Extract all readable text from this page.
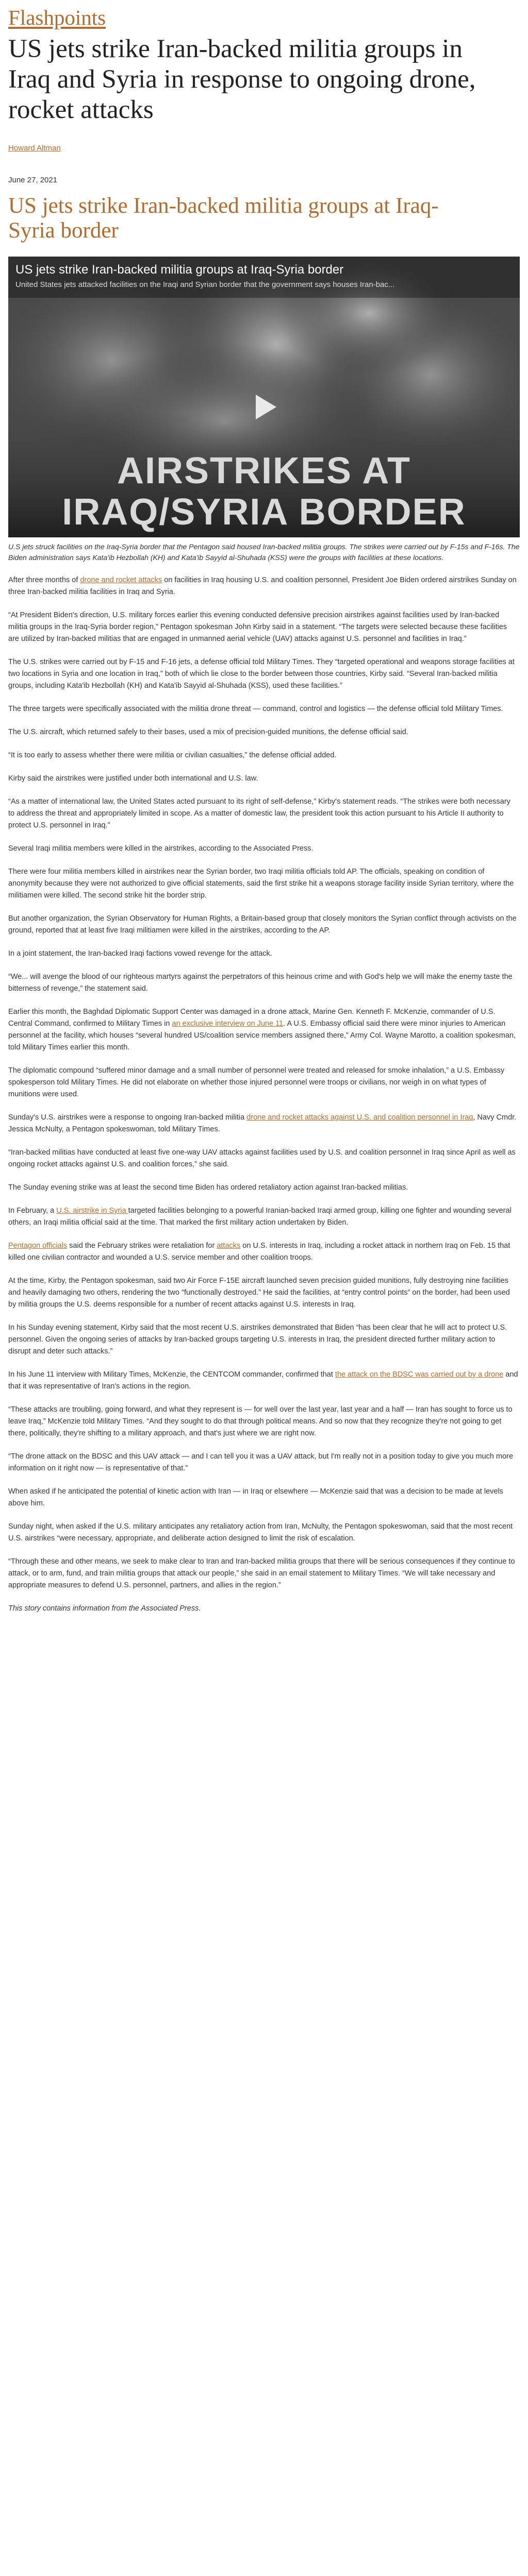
Flashpoints
US jets strike Iran-backed militia groups in Iraq and Syria in response to ongoing drone, rocket attacks
Howard Altman
June 27, 2021
US jets strike Iran-backed militia groups at Iraq-Syria border
US jets strike Iran-backed militia groups at Iraq-Syria border
United States jets attacked facilities on the Iraqi and Syrian border that the government says houses Iran-bac...
AIRSTRIKES AT
IRAQ/SYRIA BORDER

U.S jets struck facilities on the Iraq-Syria border that the Pentagon said housed Iran-backed militia groups. The strikes were carried out by F-15s and F-16s. The Biden administration says Kata'ib Hezbollah (KH) and Kata'ib Sayyid al-Shuhada (KSS) were the groups with facilities at these locations.

After three months of drone and rocket attacks on facilities in Iraq housing U.S. and coalition personnel, President Joe Biden ordered airstrikes Sunday on three Iran-backed militia facilities in Iraq and Syria.

“At President Biden's direction, U.S. military forces earlier this evening conducted defensive precision airstrikes against facilities used by Iran-backed militia groups in the Iraq-Syria border region,” Pentagon spokesman John Kirby said in a statement. “The targets were selected because these facilities are utilized by Iran-backed militias that are engaged in unmanned aerial vehicle (UAV) attacks against U.S. personnel and facilities in Iraq.”

The U.S. strikes were carried out by F-15 and F-16 jets, a defense official told Military Times. They “targeted operational and weapons storage facilities at two locations in Syria and one location in Iraq,” both of which lie close to the border between those countries, Kirby said. “Several Iran-backed militia groups, including Kata'ib Hezbollah (KH) and Kata'ib Sayyid al-Shuhada (KSS), used these facilities.”

The three targets were specifically associated with the militia drone threat — command, control and logistics — the defense official told Military Times.

The U.S. aircraft, which returned safely to their bases, used a mix of precision-guided munitions, the defense official said.

“It is too early to assess whether there were militia or civilian casualties,” the defense official added.

Kirby said the airstrikes were justified under both international and U.S. law.

“As a matter of international law, the United States acted pursuant to its right of self-defense,” Kirby's statement reads. “The strikes were both necessary to address the threat and appropriately limited in scope. As a matter of domestic law, the president took this action pursuant to his Article II authority to protect U.S. personnel in Iraq.”

Several Iraqi militia members were killed in the airstrikes, according to the Associated Press.

There were four militia members killed in airstrikes near the Syrian border, two Iraqi militia officials told AP. The officials, speaking on condition of anonymity because they were not authorized to give official statements, said the first strike hit a weapons storage facility inside Syrian territory, where the militiamen were killed. The second strike hit the border strip.

But another organization, the Syrian Observatory for Human Rights, a Britain-based group that closely monitors the Syrian conflict through activists on the ground, reported that at least five Iraqi militiamen were killed in the airstrikes, according to the AP.

In a joint statement, the Iran-backed Iraqi factions vowed revenge for the attack.

“We... will avenge the blood of our righteous martyrs against the perpetrators of this heinous crime and with God's help we will make the enemy taste the bitterness of revenge,” the statement said.

Earlier this month, the Baghdad Diplomatic Support Center was damaged in a drone attack, Marine Gen. Kenneth F. McKenzie, commander of U.S. Central Command, confirmed to Military Times in an exclusive interview on June 11. A U.S. Embassy official said there were minor injuries to American personnel at the facility, which houses “several hundred US/coalition service members assigned there,” Army Col. Wayne Marotto, a coalition spokesman, told Military Times earlier this month.

The diplomatic compound “suffered minor damage and a small number of personnel were treated and released for smoke inhalation,” a U.S. Embassy spokesperson told Military Times. He did not elaborate on whether those injured personnel were troops or civilians, nor weigh in on what types of munitions were used.

Sunday's U.S. airstrikes were a response to ongoing Iran-backed militia drone and rocket attacks against U.S. and coalition personnel in Iraq, Navy Cmdr. Jessica McNulty, a Pentagon spokeswoman, told Military Times.

“Iran-backed militias have conducted at least five one-way UAV attacks against facilities used by U.S. and coalition personnel in Iraq since April as well as ongoing rocket attacks against U.S. and coalition forces,” she said.

The Sunday evening strike was at least the second time Biden has ordered retaliatory action against Iran-backed militias.

In February, a U.S. airstrike in Syria targeted facilities belonging to a powerful Iranian-backed Iraqi armed group, killing one fighter and wounding several others, an Iraqi militia official said at the time. That marked the first military action undertaken by Biden.

Pentagon officials said the February strikes were retaliation for attacks on U.S. interests in Iraq, including a rocket attack in northern Iraq on Feb. 15 that killed one civilian contractor and wounded a U.S. service member and other coalition troops.

At the time, Kirby, the Pentagon spokesman, said two Air Force F-15E aircraft launched seven precision guided munitions, fully destroying nine facilities and heavily damaging two others, rendering the two “functionally destroyed.” He said the facilities, at “entry control points” on the border, had been used by militia groups the U.S. deems responsible for a number of recent attacks against U.S. interests in Iraq.

In his Sunday evening statement, Kirby said that the most recent U.S. airstrikes demonstrated that Biden “has been clear that he will act to protect U.S. personnel. Given the ongoing series of attacks by Iran-backed groups targeting U.S. interests in Iraq, the president directed further military action to disrupt and deter such attacks.”

In his June 11 interview with Military Times, McKenzie, the CENTCOM commander, confirmed that the attack on the BDSC was carried out by a drone and that it was representative of Iran's actions in the region.

“These attacks are troubling, going forward, and what they represent is — for well over the last year, last year and a half — Iran has sought to force us to leave Iraq,” McKenzie told Military Times. “And they sought to do that through political means. And so now that they recognize they're not going to get there, politically, they're shifting to a military approach, and that's just where we are right now.

“The drone attack on the BDSC and this UAV attack — and I can tell you it was a UAV attack, but I'm really not in a position today to give you much more information on it right now — is representative of that.”

When asked if he anticipated the potential of kinetic action with Iran — in Iraq or elsewhere — McKenzie said that was a decision to be made at levels above him.

Sunday night, when asked if the U.S. military anticipates any retaliatory action from Iran, McNulty, the Pentagon spokeswoman, said that the most recent U.S. airstrikes “were necessary, appropriate, and deliberate action designed to limit the risk of escalation.

“Through these and other means, we seek to make clear to Iran and Iran-backed militia groups that there will be serious consequences if they continue to attack, or to arm, fund, and train militia groups that attack our people,” she said in an email statement to Military Times. “We will take necessary and appropriate measures to defend U.S. personnel, partners, and allies in the region.”

This story contains information from the Associated Press.
